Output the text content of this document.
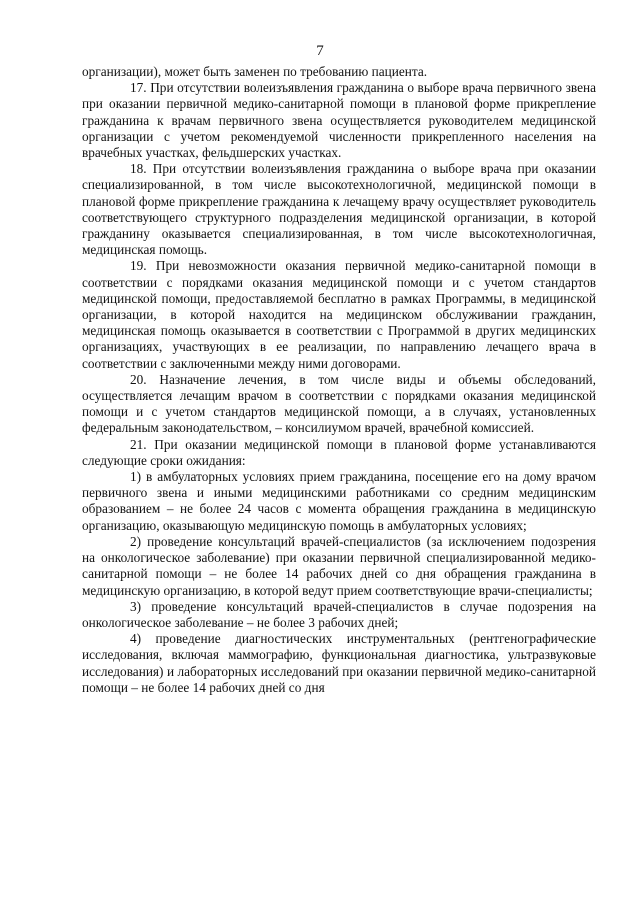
7

организации), может быть заменен по требованию пациента.

17. При отсутствии волеизъявления гражданина о выборе врача первичного звена при оказании первичной медико-санитарной помощи в плановой форме прикрепление гражданина к врачам первичного звена осуществляется руководителем медицинской организации с учетом рекомендуемой численности прикрепленного населения на врачебных участках, фельдшерских участках.

18. При отсутствии волеизъявления гражданина о выборе врача при оказании специализированной, в том числе высокотехнологичной, медицинской помощи в плановой форме прикрепление гражданина к лечащему врачу осуществляет руководитель соответствующего структурного подразделения медицинской организации, в которой гражданину оказывается специализированная, в том числе высокотехнологичная, медицинская помощь.

19. При невозможности оказания первичной медико-санитарной помощи в соответствии с порядками оказания медицинской помощи и с учетом стандартов медицинской помощи, предоставляемой бесплатно в рамках Программы, в медицинской организации, в которой находится на медицинском обслуживании гражданин, медицинская помощь оказывается в соответствии с Программой в других медицинских организациях, участвующих в ее реализации, по направлению лечащего врача в соответствии с заключенными между ними договорами.

20. Назначение лечения, в том числе виды и объемы обследований, осуществляется лечащим врачом в соответствии с порядками оказания медицинской помощи и с учетом стандартов медицинской помощи, а в случаях, установленных федеральным законодательством, – консилиумом врачей, врачебной комиссией.

21. При оказании медицинской помощи в плановой форме устанавливаются следующие сроки ожидания:

1) в амбулаторных условиях прием гражданина, посещение его на дому врачом первичного звена и иными медицинскими работниками со средним медицинским образованием – не более 24 часов с момента обращения гражданина в медицинскую организацию, оказывающую медицинскую помощь в амбулаторных условиях;

2) проведение консультаций врачей-специалистов (за исключением подозрения на онкологическое заболевание) при оказании первичной специализированной медико-санитарной помощи – не более 14 рабочих дней со дня обращения гражданина в медицинскую организацию, в которой ведут прием соответствующие врачи-специалисты;

3) проведение консультаций врачей-специалистов в случае подозрения на онкологическое заболевание – не более 3 рабочих дней;

4) проведение диагностических инструментальных (рентгенографические исследования, включая маммографию, функциональная диагностика, ультразвуковые исследования) и лабораторных исследований при оказании первичной медико-санитарной помощи – не более 14 рабочих дней со дня
